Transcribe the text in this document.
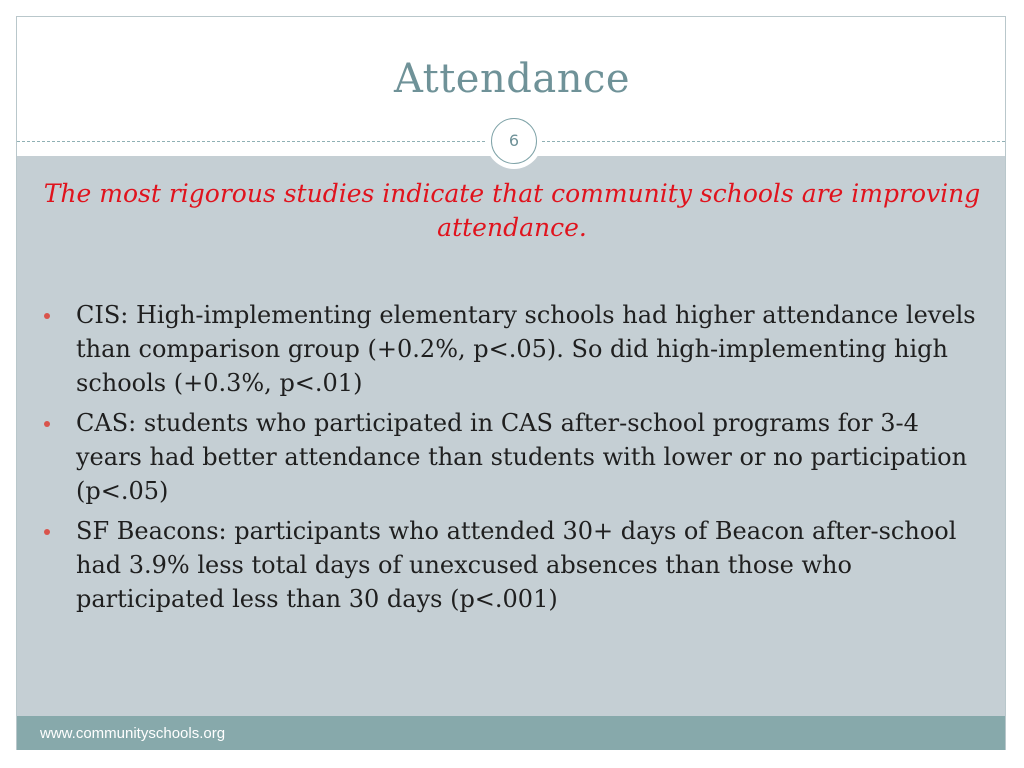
Attendance
6
The most rigorous studies indicate that community schools are improving attendance.
CIS: High-implementing elementary schools had higher attendance levels than comparison group (+0.2%, p<.05). So did high-implementing high schools (+0.3%, p<.01)
CAS: students who participated in CAS after-school programs for 3-4 years had better attendance than students with lower or no participation (p<.05)
SF Beacons: participants who attended 30+ days of Beacon after-school had 3.9% less total days of unexcused absences than those who participated less than 30 days (p<.001)
www.communityschools.org
